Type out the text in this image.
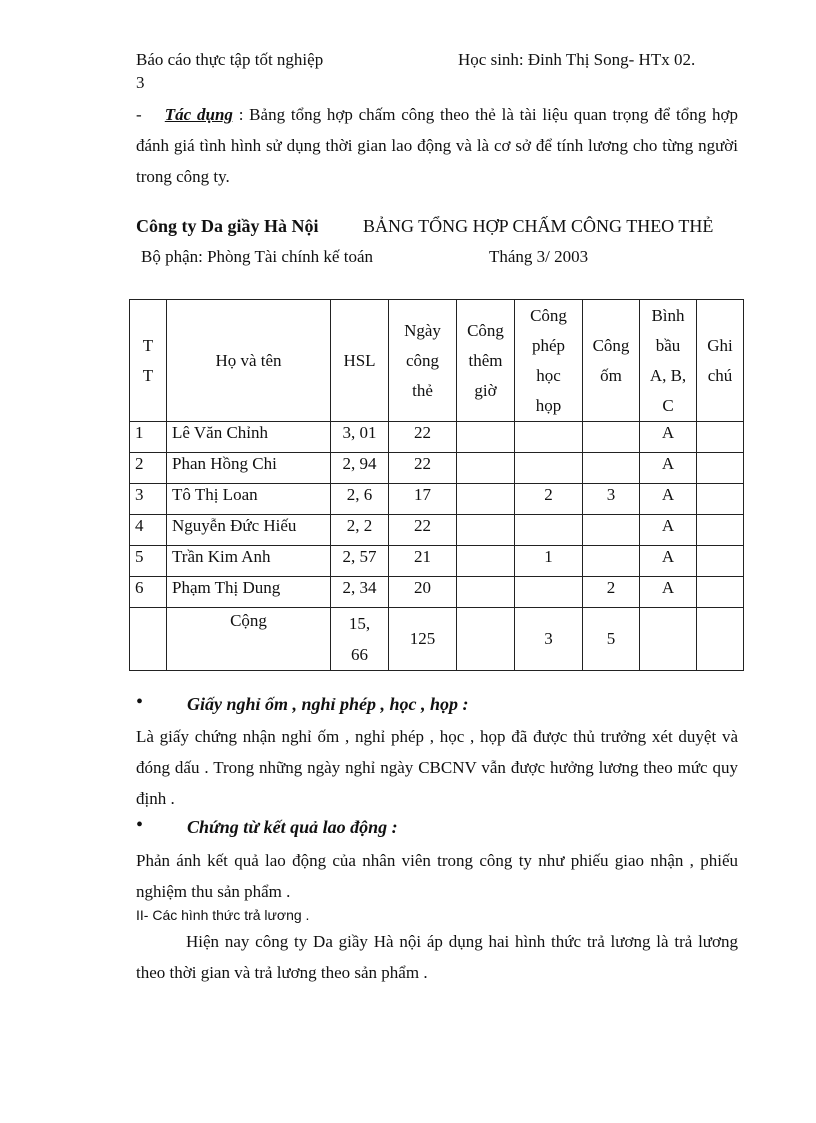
Báo cáo thực tập tốt nghiệp	Học sinh: Đinh Thị Song- HTx 02.
3
- Tác dụng : Bảng tổng hợp chấm công theo thẻ là tài liệu quan trọng để tổng hợp đánh giá tình hình sử dụng thời gian lao động và là cơ sở để tính lương cho từng người trong công ty.
Công ty Da giầy Hà Nội BẢNG TỔNG HỢP CHẤM CÔNG THEO THẺ
Bộ phận: Phòng Tài chính kế toán	Tháng 3/ 2003
T T	Họ và tên	HSL	Ngày công thẻ	Công thêm giờ	Công phép học họp	Công ốm	Bình bầu A, B, C	Ghi chú
1	Lê Văn Chỉnh	3, 01	22				A	
2	Phan Hồng Chi	2, 94	22				A	
3	Tô Thị Loan	2, 6	17		2	3	A	
4	Nguyễn Đức Hiếu	2, 2	22				A	
5	Trần Kim Anh	2, 57	21		1		A	
6	Phạm Thị Dung	2, 34	20			2	A	
	Cộng	15, 66	125		3	5		
• Giấy nghỉ ốm , nghỉ phép , học , họp :
Là giấy chứng nhận nghỉ ốm , nghỉ phép , học , họp đã được thủ trưởng xét duyệt và đóng dấu . Trong những ngày nghỉ ngày CBCNV vẫn được hưởng lương theo mức quy định .
• Chứng từ kết quả lao động :
Phản ánh kết quả lao động của nhân viên trong công ty như phiếu giao nhận , phiếu nghiệm thu sản phẩm .
II- Các hình thức trả lương .
Hiện nay công ty Da giầy Hà nội áp dụng hai hình thức trả lương là trả lương theo thời gian và trả lương theo sản phẩm .
